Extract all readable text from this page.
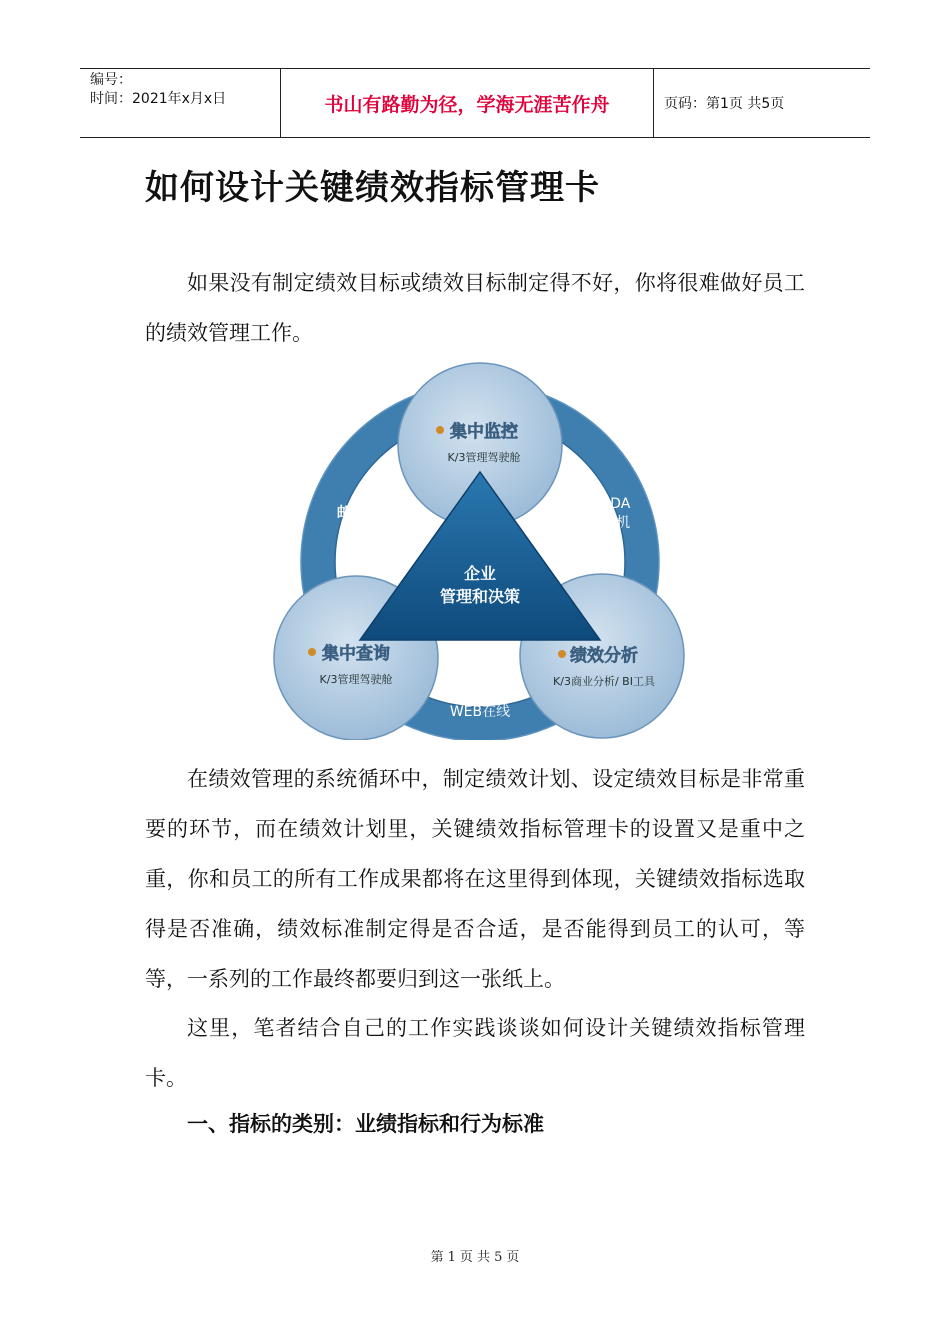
编号：
时间：2021年x月x日	书山有路勤为径，学海无涯苦作舟	页码：第1页 共5页
如何设计关键绩效指标管理卡

如果没有制定绩效目标或绩效目标制定得不好，你将很难做好员工的绩效管理工作。

企业
管理和决策
集中监控
K/3管理驾驶舱
集中查询
K/3管理驾驶舱
绩效分析
K/3商业分析/ BI工具
邮件
PDA
手机
WEB在线

在绩效管理的系统循环中，制定绩效计划、设定绩效目标是非常重要的环节，而在绩效计划里，关键绩效指标管理卡的设置又是重中之重，你和员工的所有工作成果都将在这里得到体现，关键绩效指标选取得是否准确，绩效标准制定得是否合适，是否能得到员工的认可，等等，一系列的工作最终都要归到这一张纸上。

这里，笔者结合自己的工作实践谈谈如何设计关键绩效指标管理卡。

一、指标的类别：业绩指标和行为标准
第 1 页 共 5 页
